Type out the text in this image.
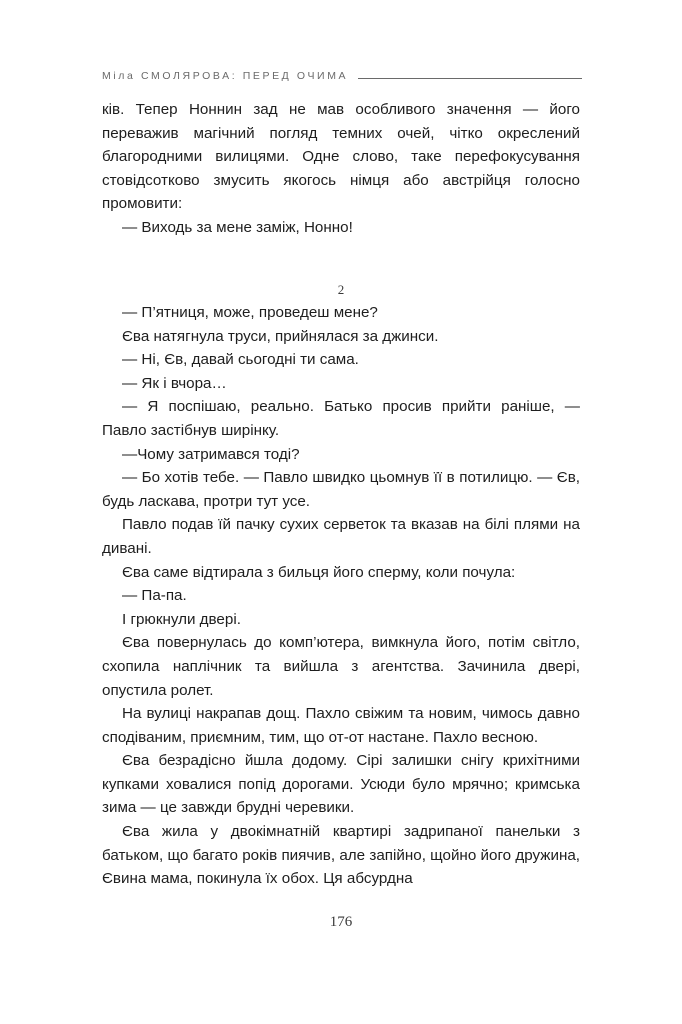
Міла СМОЛЯРОВА: ПЕРЕД ОЧИМА

ків. Тепер Ноннин зад не мав особливого значення — його переважив магічний погляд темних очей, чітко окреслений благородними вилицями. Одне слово, таке перефокусування стовідсотково змусить якогось німця або австрійця голосно промовити:

— Виходь за мене заміж, Нонно!

2

— П’ятниця, може, проведеш мене?

Єва натягнула труси, прийнялася за джинси.

— Ні, Єв, давай сьогодні ти сама.

— Як і вчора…

— Я поспішаю, реально. Батько просив прийти раніше, — Павло застібнув ширінку.

—Чому затримався тоді?

— Бо хотів тебе. — Павло швидко цьомнув її в потилицю. — Єв, будь ласкава, протри тут усе.

Павло подав їй пачку сухих серветок та вказав на білі плями на дивані.

Єва саме відтирала з бильця його сперму, коли почула:

— Па-па.

І грюкнули двері.

Єва повернулась до комп’ютера, вимкнула його, потім світло, схопила наплічник та вийшла з агентства. Зачинила двері, опустила ролет.

На вулиці накрапав дощ. Пахло свіжим та новим, чимось давно сподіваним, приємним, тим, що от-от настане. Пахло весною.

Єва безрадісно йшла додому. Сірі залишки снігу крихітними купками ховалися попід дорогами. Усюди було мрячно; кримська зима — це завжди брудні черевики.

Єва жила у двокімнатній квартирі задрипаної панельки з батьком, що багато років пиячив, але запійно, щойно його дружина, Євина мама, покинула їх обох. Ця абсурдна

176
